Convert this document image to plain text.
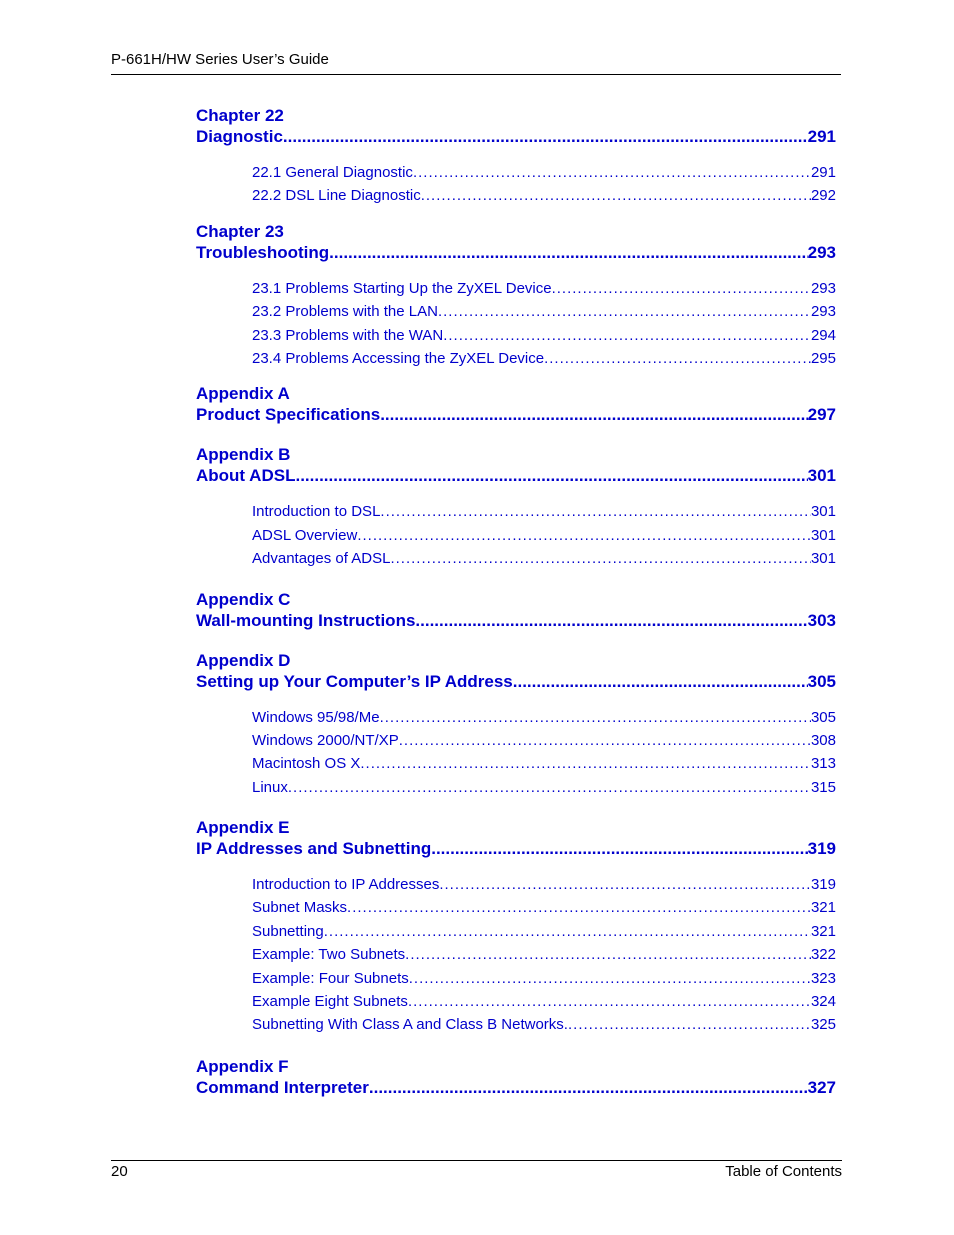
P-661H/HW Series User’s Guide
Chapter 22
Diagnostic .....	291
22.1 General Diagnostic .....	291
22.2 DSL Line Diagnostic .....	292
Chapter 23
Troubleshooting .....	293
23.1 Problems Starting Up the ZyXEL Device .....	293
23.2 Problems with the LAN .....	293
23.3 Problems with the WAN .....	294
23.4 Problems Accessing the ZyXEL Device .....	295
Appendix A
Product Specifications .....	297
Appendix B
About ADSL .....	301
Introduction to DSL .....	301
ADSL Overview .....	301
Advantages of ADSL .....	301
Appendix C
Wall-mounting Instructions .....	303
Appendix D
Setting up Your Computer’s IP Address .....	305
Windows 95/98/Me .....	305
Windows 2000/NT/XP .....	308
Macintosh OS X .....	313
Linux .....	315
Appendix E
IP Addresses and Subnetting .....	319
Introduction to IP Addresses .....	319
Subnet Masks .....	321
Subnetting .....	321
Example: Two Subnets .....	322
Example: Four Subnets .....	323
Example Eight Subnets .....	324
Subnetting With Class A and Class B Networks. .....	325
Appendix F
Command Interpreter .....	327
20	Table of Contents
